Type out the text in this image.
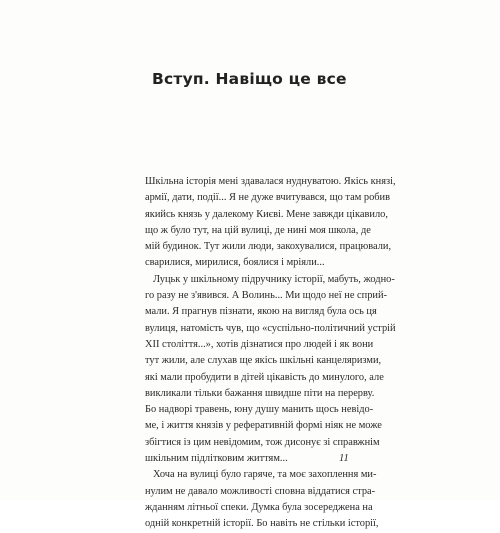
Вступ. Навіщо це все
Шкільна історія мені здавалася нуднуватою. Якісь князі,
армії, дати, події... Я не дуже вчитувався, що там робив
якийсь князь у далекому Києві. Мене завжди цікавило,
що ж було тут, на цій вулиці, де нині моя школа, де
мій будинок. Тут жили люди, закохувалися, працювали,
сварилися, мирилися, боялися і мріяли...
Луцьк у шкільному підручнику історії, мабуть, жодно-
го разу не з'явився. А Волинь... Ми щодо неї не сприй-
мали. Я прагнув пізнати, якою на вигляд була ось ця
вулиця, натомість чув, що «суспільно-політичний устрій
XII століття...», хотів дізнатися про людей і як вони
тут жили, але слухав ще якісь шкільні канцеляризми,
які мали пробудити в дітей цікавість до минулого, але
викликали тільки бажання швидше піти на перерву.
Бо надворі травень, юну душу манить щось невідо-
ме, і життя князів у реферативній формі ніяк не може
збігтися із цим невідомим, тож дисонує зі справжнім
шкільним підлітковим життям...
Хоча на вулиці було гаряче, та моє захоплення ми-
нулим не давало можливості сповна віддатися стра-
жданням літньої спеки. Думка була зосереджена на
одній конкретній історії. Бо навіть не стільки історії,
11
